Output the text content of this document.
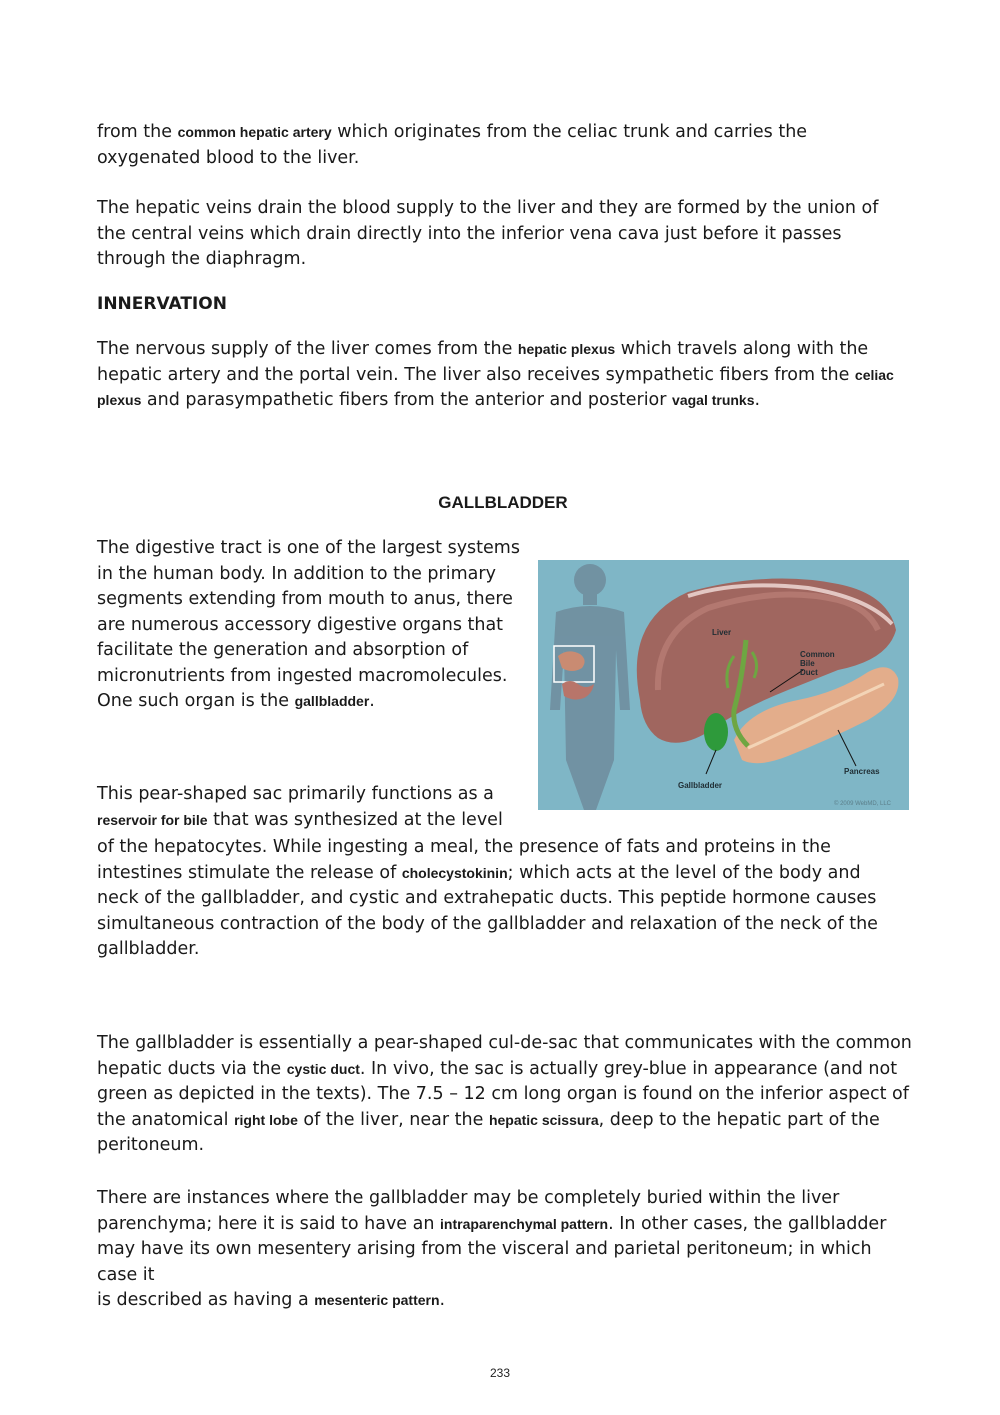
from the common hepatic artery which originates from the celiac trunk and carries the
oxygenated blood to the liver.

The hepatic veins drain the blood supply to the liver and they are formed by the union of the central veins which drain directly into the inferior vena cava just before it passes through the diaphragm.

INNERVATION

The nervous supply of the liver comes from the hepatic plexus which travels along with the
hepatic artery and the portal vein. The liver also receives sympathetic fibers from the celiac
plexus and parasympathetic fibers from the anterior and posterior vagal trunks.

GALLBLADDER

The digestive tract is one of the largest systems
in the human body. In addition to the primary
segments extending from mouth to anus, there
are numerous accessory digestive organs that
facilitate the generation and absorption of
micronutrients from ingested macromolecules.
One such organ is the gallbladder.

This pear-shaped sac primarily functions as a
reservoir for bile that was synthesized at the level

of the hepatocytes. While ingesting a meal, the presence of fats and proteins in the
intestines stimulate the release of cholecystokinin; which acts at the level of the body and
neck of the gallbladder, and cystic and extrahepatic ducts. This peptide hormone causes
simultaneous contraction of the body of the gallbladder and relaxation of the neck of the
gallbladder.

The gallbladder is essentially a pear-shaped cul-de-sac that communicates with the common
hepatic ducts via the cystic duct. In vivo, the sac is actually grey-blue in appearance (and not
green as depicted in the texts). The 7.5 – 12 cm long organ is found on the inferior aspect of
the anatomical right lobe of the liver, near the hepatic scissura, deep to the hepatic part of the
peritoneum.

There are instances where the gallbladder may be completely buried within the liver
parenchyma; here it is said to have an intraparenchymal pattern. In other cases, the gallbladder
may have its own mesentery arising from the visceral and parietal peritoneum; in which case it
is described as having a mesenteric pattern.

Liver
Common
Bile
Duct
Pancreas
Gallbladder
© 2009 WebMD, LLC
233
